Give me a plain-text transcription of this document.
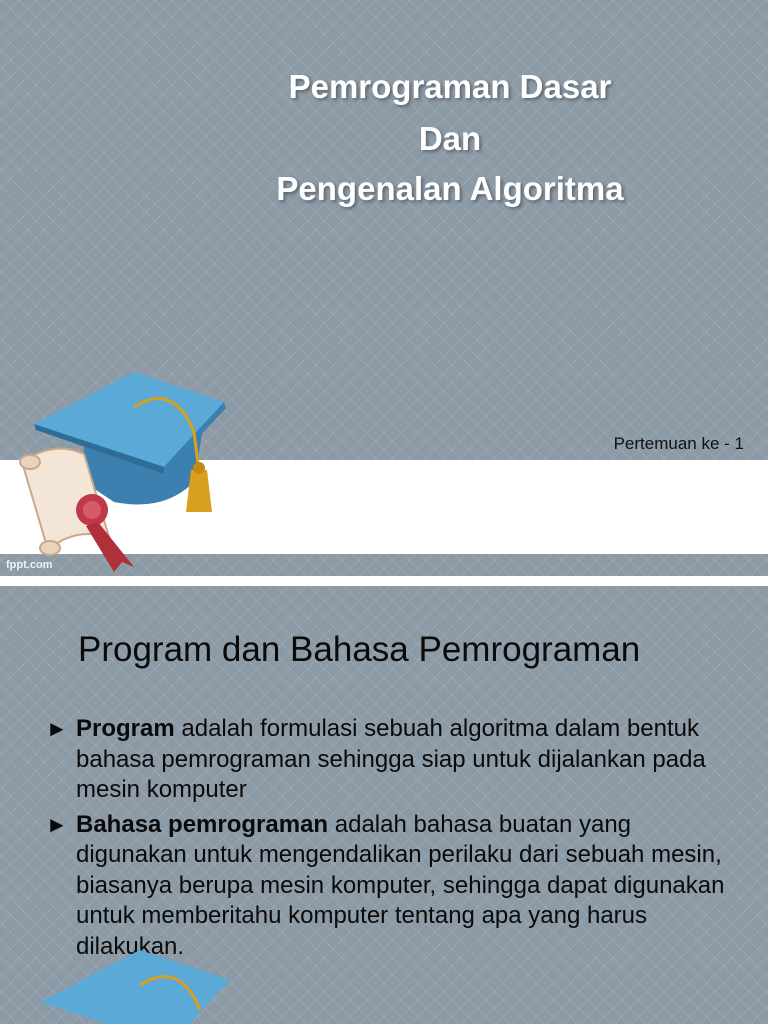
Pemrograman Dasar
Dan
Pengenalan Algoritma
Pertemuan ke - 1
fppt.com
Program dan Bahasa Pemrograman
► Program adalah formulasi sebuah algoritma dalam bentuk bahasa pemrograman sehingga siap untuk dijalankan pada mesin komputer
► Bahasa pemrograman adalah bahasa buatan yang digunakan untuk mengendalikan perilaku dari sebuah mesin, biasanya berupa mesin komputer, sehingga dapat digunakan untuk memberitahu komputer tentang apa yang harus dilakukan.
